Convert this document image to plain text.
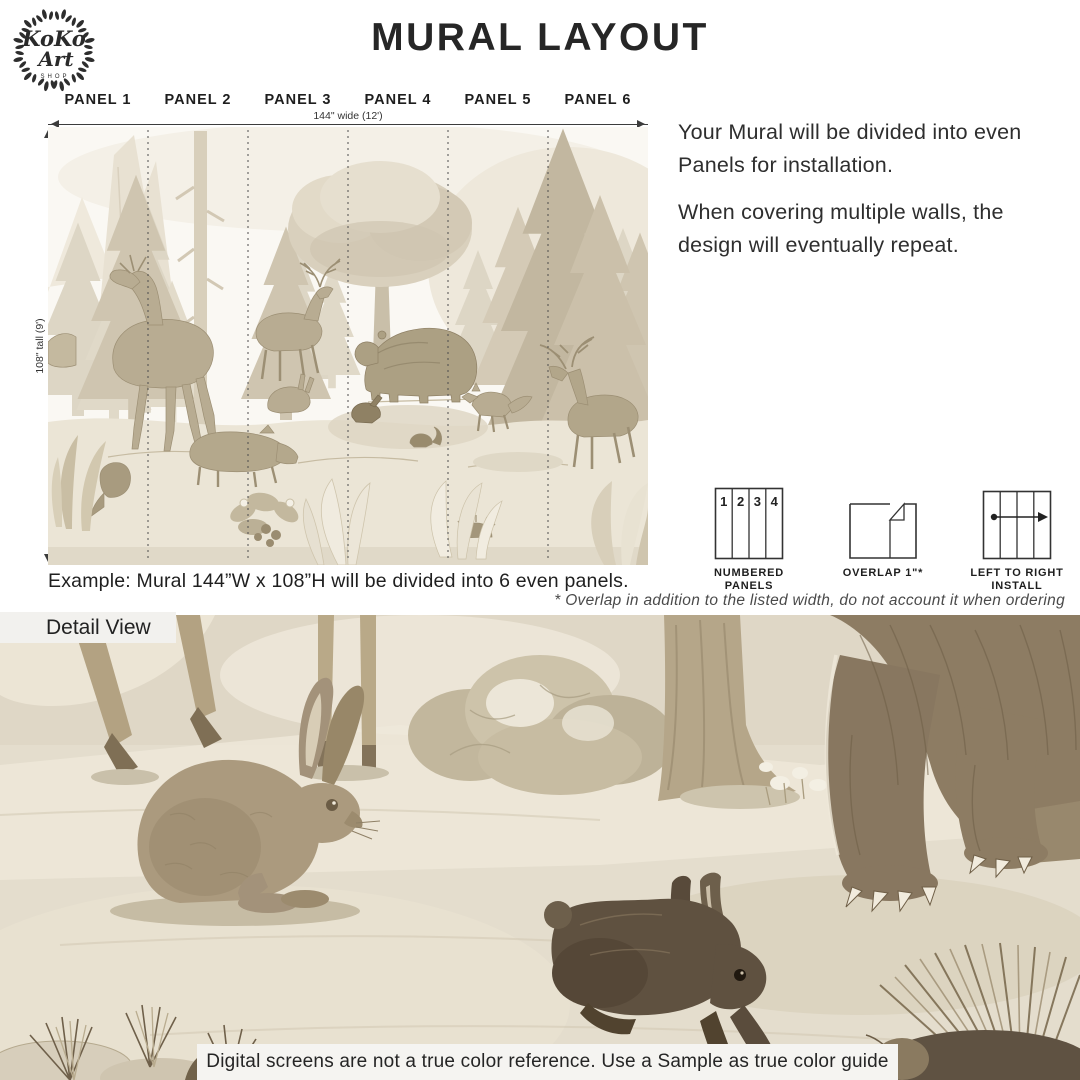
KoKo
Art
SHOP
MURAL LAYOUT
PANEL 1	PANEL 2	PANEL 3	PANEL 4	PANEL 5	PANEL 6
144" wide (12')
108" tall (9')
Example: Mural 144”W x 108”H will be divided into 6 even panels.

Your Mural will be divided into even Panels for installation.

When covering multiple walls, the design will eventually repeat.

1 2 3 4
NUMBERED PANELS
OVERLAP 1"*	LEFT TO RIGHT INSTALL
* Overlap in addition to the listed width, do not account it when ordering
Detail View
Digital screens are not a true color reference. Use a Sample as true color guide
